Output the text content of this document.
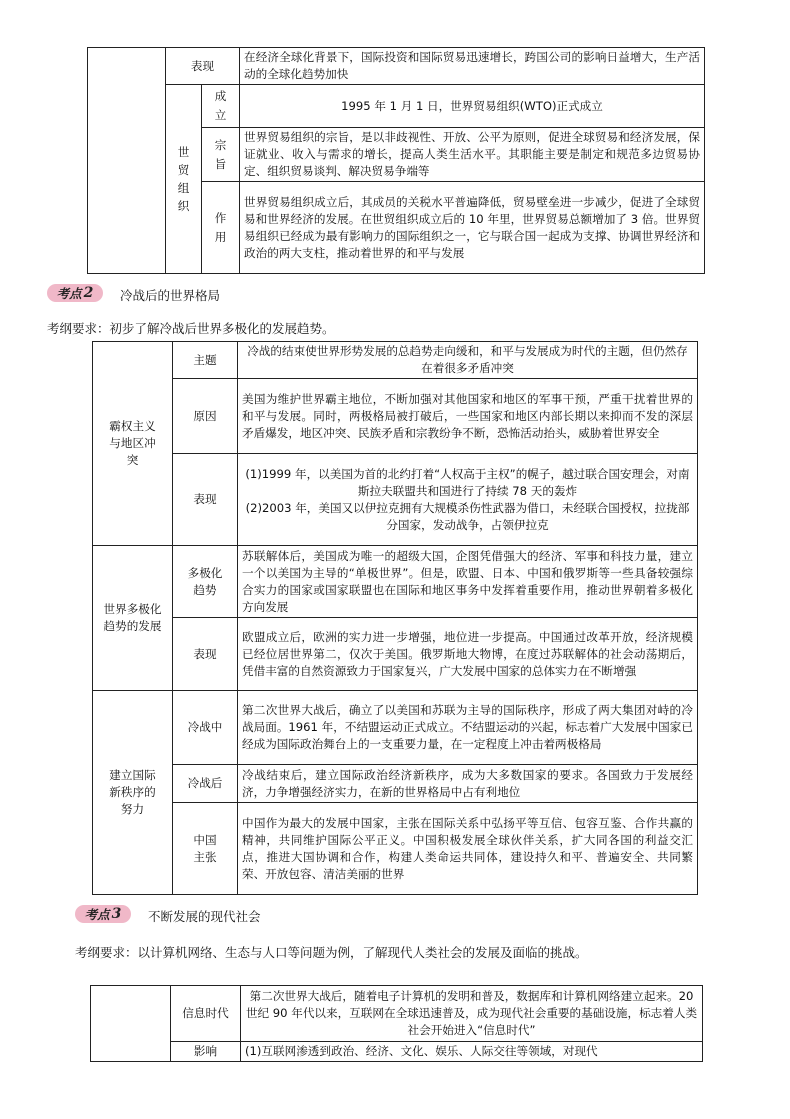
	表现		在经济全球化背景下，国际投资和国际贸易迅速增长，跨国公司的影响日益增大，生产活动的全球化趋势加快

	世贸组织	成立	1995 年 1 月 1 日，世界贸易组织(WTO)正式成立

		宗旨	世界贸易组织的宗旨，是以非歧视性、开放、公平为原则，促进全球贸易和经济发展，保证就业、收入与需求的增长，提高人类生活水平。其职能主要是制定和规范多边贸易协定、组织贸易谈判、解决贸易争端等

		作用	世界贸易组织成立后，其成员的关税水平普遍降低，贸易壁垒进一步减少，促进了全球贸易和世界经济的发展。在世贸组织成立后的 10 年里，世界贸易总额增加了 3 倍。世界贸易组织已经成为最有影响力的国际组织之一，它与联合国一起成为支撑、协调世界经济和政治的两大支柱，推动着世界的和平与发展
考点 2 冷战后的世界格局
考纲要求：初步了解冷战后世界多极化的发展趋势。
霸权主义与地区冲突	主题	冷战的结束使世界形势发展的总趋势走向缓和，和平与发展成为时代的主题，但仍然存在着很多矛盾冲突
	原因	美国为维护世界霸主地位，不断加强对其他国家和地区的军事干预，严重干扰着世界的和平与发展。同时，两极格局被打破后，一些国家和地区内部长期以来抑而不发的深层矛盾爆发，地区冲突、民族矛盾和宗教纷争不断，恐怖活动抬头，威胁着世界安全
	表现	(1)1999 年，以美国为首的北约打着“人权高于主权”的幌子，越过联合国安理会，对南斯拉夫联盟共和国进行了持续 78 天的轰炸
(2)2003 年，美国又以伊拉克拥有大规模杀伤性武器为借口，未经联合国授权，拉拢部分国家，发动战争，占领伊拉克

世界多极化趋势的发展	多极化趋势	苏联解体后，美国成为唯一的超级大国，企图凭借强大的经济、军事和科技力量，建立一个以美国为主导的“单极世界”。但是，欧盟、日本、中国和俄罗斯等一些具备较强综合实力的国家或国家联盟也在国际和地区事务中发挥着重要作用，推动世界朝着多极化方向发展
	表现	欧盟成立后，欧洲的实力进一步增强，地位进一步提高。中国通过改革开放，经济规模已经位居世界第二，仅次于美国。俄罗斯地大物博，在度过苏联解体的社会动荡期后，凭借丰富的自然资源致力于国家复兴，广大发展中国家的总体实力在不断增强

建立国际新秩序的努力	冷战中	第二次世界大战后，确立了以美国和苏联为主导的国际秩序，形成了两大集团对峙的冷战局面。1961 年，不结盟运动正式成立。不结盟运动的兴起，标志着广大发展中国家已经成为国际政治舞台上的一支重要力量，在一定程度上冲击着两极格局
	冷战后	冷战结束后，建立国际政治经济新秩序，成为大多数国家的要求。各国致力于发展经济，力争增强经济实力，在新的世界格局中占有利地位

	中国主张	中国作为最大的发展中国家，主张在国际关系中弘扬平等互信、包容互鉴、合作共赢的精神，共同维护国际公平正义。中国积极发展全球伙伴关系，扩大同各国的利益交汇点，推进大国协调和合作，构建人类命运共同体，建设持久和平、普遍安全、共同繁荣、开放包容、清洁美丽的世界
考点 3 不断发展的现代社会
考纲要求：以计算机网络、生态与人口等问题为例，了解现代人类社会的发展及面临的挑战。
	信息时代	第二次世界大战后，随着电子计算机的发明和普及，数据库和计算机网络建立起来。20 世纪 90 年代以来，互联网在全球迅速普及，成为现代社会重要的基础设施，标志着人类社会开始进入“信息时代”
	影响	(1)互联网渗透到政治、经济、文化、娱乐、人际交往等领域，对现代
